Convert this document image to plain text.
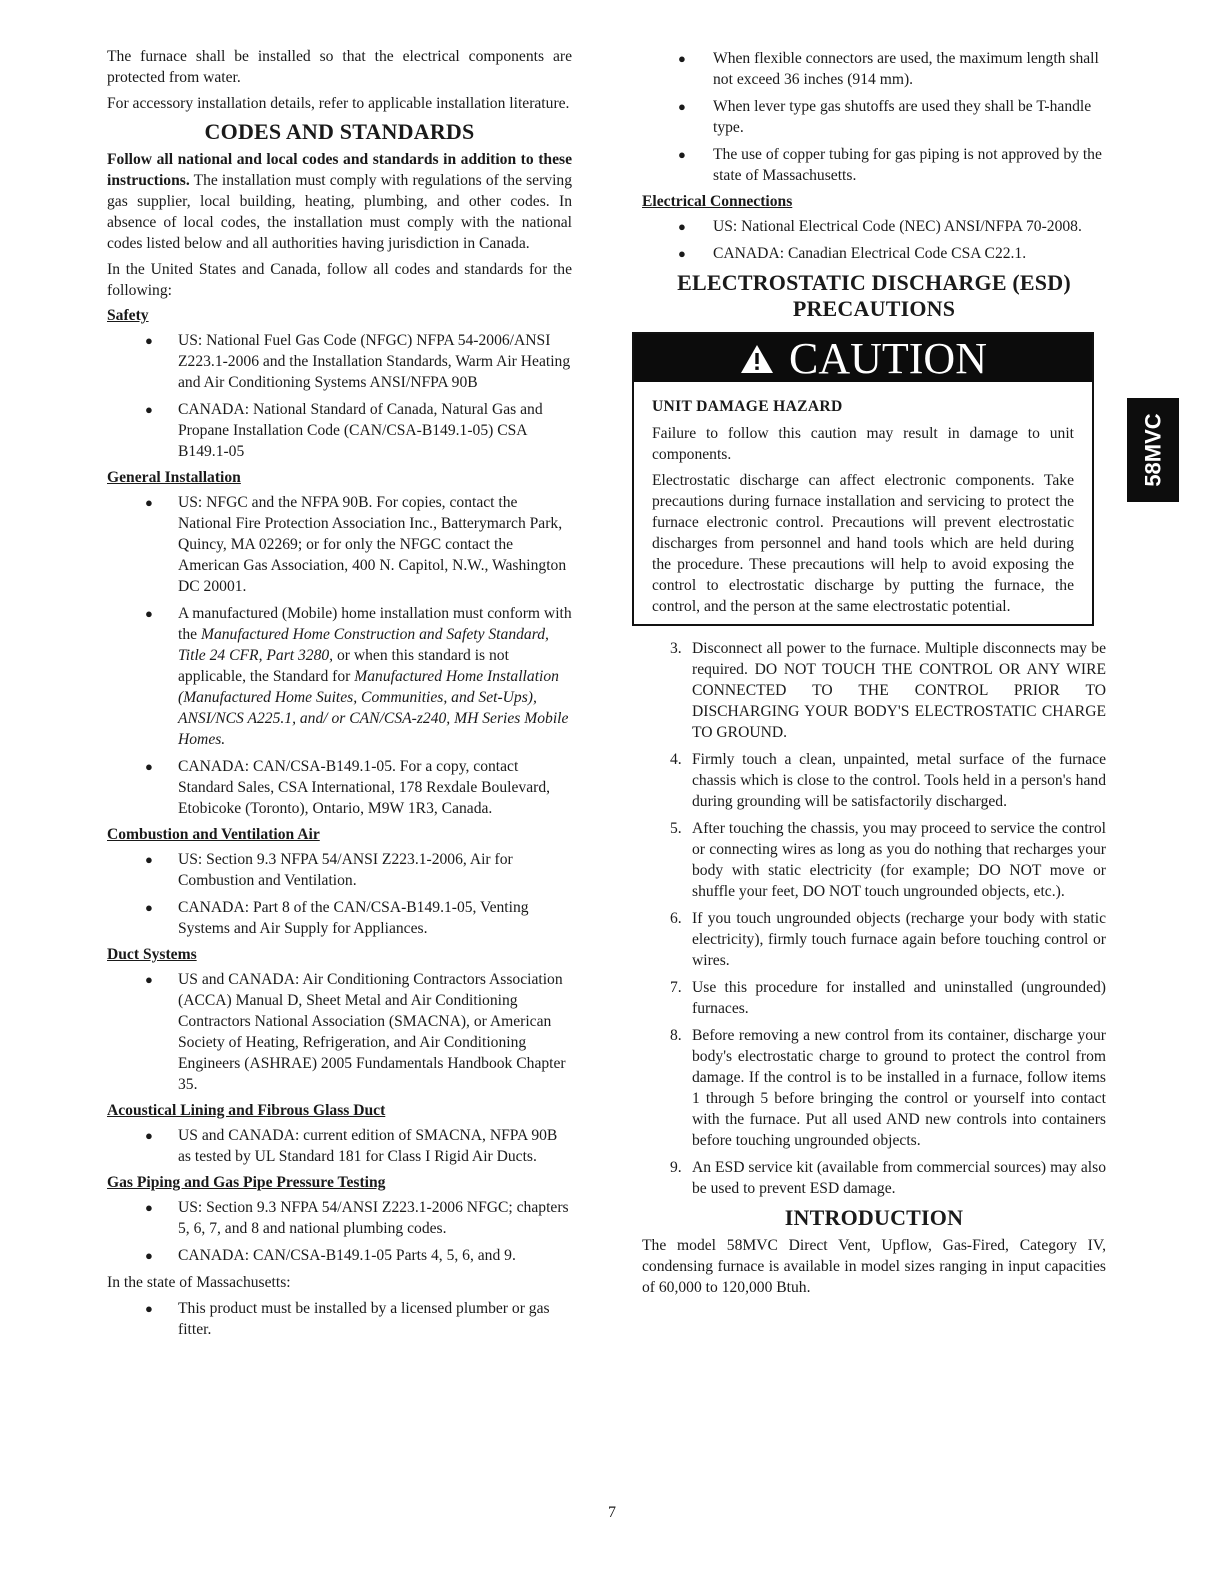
The furnace shall be installed so that the electrical components are protected from water.

For accessory installation details, refer to applicable installation literature.

CODES AND STANDARDS

Follow all national and local codes and standards in addition to these instructions. The installation must comply with regulations of the serving gas supplier, local building, heating, plumbing, and other codes. In absence of local codes, the installation must comply with the national codes listed below and all authorities having jurisdiction in Canada.

In the United States and Canada, follow all codes and standards for the following:

Safety
● US: National Fuel Gas Code (NFGC) NFPA 54-2006/ANSI Z223.1-2006 and the Installation Standards, Warm Air Heating and Air Conditioning Systems ANSI/NFPA 90B
● CANADA: National Standard of Canada, Natural Gas and Propane Installation Code (CAN/CSA-B149.1-05) CSA B149.1-05
General Installation
● US: NFGC and the NFPA 90B. For copies, contact the National Fire Protection Association Inc., Batterymarch Park, Quincy, MA 02269; or for only the NFGC contact the American Gas Association, 400 N. Capitol, N.W., Washington DC 20001.
● A manufactured (Mobile) home installation must conform with the Manufactured Home Construction and Safety Standard, Title 24 CFR, Part 3280, or when this standard is not applicable, the Standard for Manufactured Home Installation (Manufactured Home Suites, Communities, and Set-Ups), ANSI/NCS A225.1, and/ or CAN/CSA-z240, MH Series Mobile Homes.
● CANADA: CAN/CSA-B149.1-05. For a copy, contact Standard Sales, CSA International, 178 Rexdale Boulevard, Etobicoke (Toronto), Ontario, M9W 1R3, Canada.
Combustion and Ventilation Air
● US: Section 9.3 NFPA 54/ANSI Z223.1-2006, Air for Combustion and Ventilation.
● CANADA: Part 8 of the CAN/CSA-B149.1-05, Venting Systems and Air Supply for Appliances.
Duct Systems
● US and CANADA: Air Conditioning Contractors Association (ACCA) Manual D, Sheet Metal and Air Conditioning Contractors National Association (SMACNA), or American Society of Heating, Refrigeration, and Air Conditioning Engineers (ASHRAE) 2005 Fundamentals Handbook Chapter 35.
Acoustical Lining and Fibrous Glass Duct
● US and CANADA: current edition of SMACNA, NFPA 90B as tested by UL Standard 181 for Class I Rigid Air Ducts.
Gas Piping and Gas Pipe Pressure Testing
● US: Section 9.3 NFPA 54/ANSI Z223.1-2006 NFGC; chapters 5, 6, 7, and 8 and national plumbing codes.
● CANADA: CAN/CSA-B149.1-05 Parts 4, 5, 6, and 9.

In the state of Massachusetts:

● This product must be installed by a licensed plumber or gas fitter.
● When flexible connectors are used, the maximum length shall not exceed 36 inches (914 mm).
● When lever type gas shutoffs are used they shall be T-handle type.
● The use of copper tubing for gas piping is not approved by the state of Massachusetts.
Electrical Connections
● US: National Electrical Code (NEC) ANSI/NFPA 70-2008.
● CANADA: Canadian Electrical Code CSA C22.1.
ELECTROSTATIC DISCHARGE (ESD)
PRECAUTIONS
CAUTION
UNIT DAMAGE HAZARD

Failure to follow this caution may result in damage to unit components.

Electrostatic discharge can affect electronic components. Take precautions during furnace installation and servicing to protect the furnace electronic control. Precautions will prevent electrostatic discharges from personnel and hand tools which are held during the procedure. These precautions will help to avoid exposing the control to electrostatic discharge by putting the furnace, the control, and the person at the same electrostatic potential.

3. Disconnect all power to the furnace. Multiple disconnects may be required. DO NOT TOUCH THE CONTROL OR ANY WIRE CONNECTED TO THE CONTROL PRIOR TO DISCHARGING YOUR BODY'S ELECTROSTATIC CHARGE TO GROUND.
4. Firmly touch a clean, unpainted, metal surface of the furnace chassis which is close to the control. Tools held in a person's hand during grounding will be satisfactorily discharged.
5. After touching the chassis, you may proceed to service the control or connecting wires as long as you do nothing that recharges your body with static electricity (for example; DO NOT move or shuffle your feet, DO NOT touch ungrounded objects, etc.).
6. If you touch ungrounded objects (recharge your body with static electricity), firmly touch furnace again before touching control or wires.
7. Use this procedure for installed and uninstalled (ungrounded) furnaces.
8. Before removing a new control from its container, discharge your body's electrostatic charge to ground to protect the control from damage. If the control is to be installed in a furnace, follow items 1 through 5 before bringing the control or yourself into contact with the furnace. Put all used AND new controls into containers before touching ungrounded objects.
9. An ESD service kit (available from commercial sources) may also be used to prevent ESD damage.
INTRODUCTION

The model 58MVC Direct Vent, Upflow, Gas-Fired, Category IV, condensing furnace is available in model sizes ranging in input capacities of 60,000 to 120,000 Btuh.

58MVC
7
